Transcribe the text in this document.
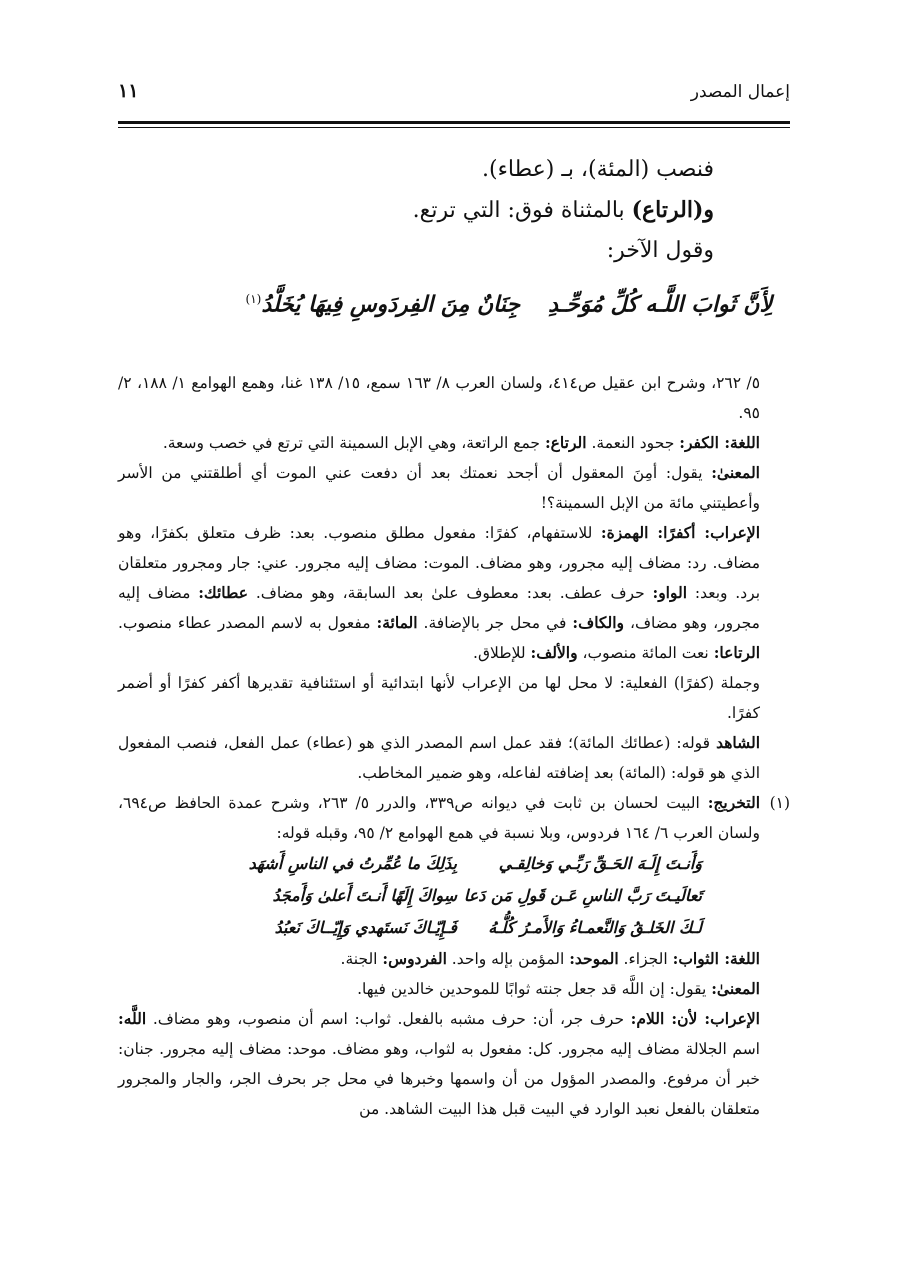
إعمال المصدر
١١

فنصب (المئة)، بـ (عطاء).

و(الرتاع) بالمثناة فوق: التي ترتع.

وقول الآخر:

لِأَنَّ ثَوابَ اللَّـه كُلِّ مُوَحِّـدِجِنَانٌ مِنَ الفِردَوسِ فِيهَا يُخَلَّدُ$^{(١)}$

٥/ ٢٦٢، وشرح ابن عقيل ص٤١٤، ولسان العرب ٨/ ١٦٣ سمع، ١٥/ ١٣٨ غنا، وهمع الهوامع ١/ ١٨٨، ٢/ ٩٥.

اللغة: الكفر: جحود النعمة. الرتاع: جمع الراتعة، وهي الإبل السمينة التي ترتع في خصب وسعة.

المعنىٰ: يقول: أمِنَ المعقول أن أجحد نعمتك بعد أن دفعت عني الموت أي أطلقتني من الأسر وأعطيتني مائة من الإبل السمينة؟!

الإعراب: أكفرًا: الهمزة: للاستفهام، كفرًا: مفعول مطلق منصوب. بعد: ظرف متعلق بكفرًا، وهو مضاف. رد: مضاف إليه مجرور، وهو مضاف. الموت: مضاف إليه مجرور. عني: جار ومجرور متعلقان برد. وبعد: الواو: حرف عطف. بعد: معطوف علىٰ بعد السابقة، وهو مضاف. عطائك: مضاف إليه مجرور، وهو مضاف، والكاف: في محل جر بالإضافة. المائة: مفعول به لاسم المصدر عطاء منصوب. الرتاعا: نعت المائة منصوب، والألف: للإطلاق.

وجملة (كفرًا) الفعلية: لا محل لها من الإعراب لأنها ابتدائية أو استئنافية تقديرها أكفر كفرًا أو أضمر كفرًا.

الشاهد قوله: (عطائك المائة)؛ فقد عمل اسم المصدر الذي هو (عطاء) عمل الفعل، فنصب المفعول الذي هو قوله: (المائة) بعد إضافته لفاعله، وهو ضمير المخاطب.

(١)التخريج: البيت لحسان بن ثابت في ديوانه ص٣٣٩، والدرر ٥/ ٢٦٣، وشرح عمدة الحافظ ص٦٩٤، ولسان العرب ٦/ ١٦٤ فردوس، وبلا نسبة في همع الهوامع ٢/ ٩٥، وقبله قوله:

وَأَنـتَ إِلَـهَ الحَـقِّ رَبِّـي وَخالِقـيبِذَلِكَ ما عُمِّرتُ في الناسِ أَشهَد
تَعالَيـتَ رَبَّ الناسِ عَـن قَولِ مَن دَعاسِواكَ إِلَهًا أَنـتَ أَعلىٰ وَأَمجَدُ
لَـكَ الخَلـقُ وَالنَّعمـاءُ وَالأَمـرُ كُلُّـهُفَـإِيّـاكَ نَستَهدي وَإِيّــاكَ نَعبُدُ

اللغة: الثواب: الجزاء. الموحد: المؤمن بإله واحد. الفردوس: الجنة.

المعنىٰ: يقول: إن اللَّه قد جعل جنته ثوابًا للموحدين خالدين فيها.

الإعراب: لأن: اللام: حرف جر، أن: حرف مشبه بالفعل. ثواب: اسم أن منصوب، وهو مضاف. اللَّه: اسم الجلالة مضاف إليه مجرور. كل: مفعول به لثواب، وهو مضاف. موحد: مضاف إليه مجرور. جنان: خبر أن مرفوع. والمصدر المؤول من أن واسمها وخبرها في محل جر بحرف الجر، والجار والمجرور متعلقان بالفعل نعبد الوارد في البيت قبل هذا البيت الشاهد. من
